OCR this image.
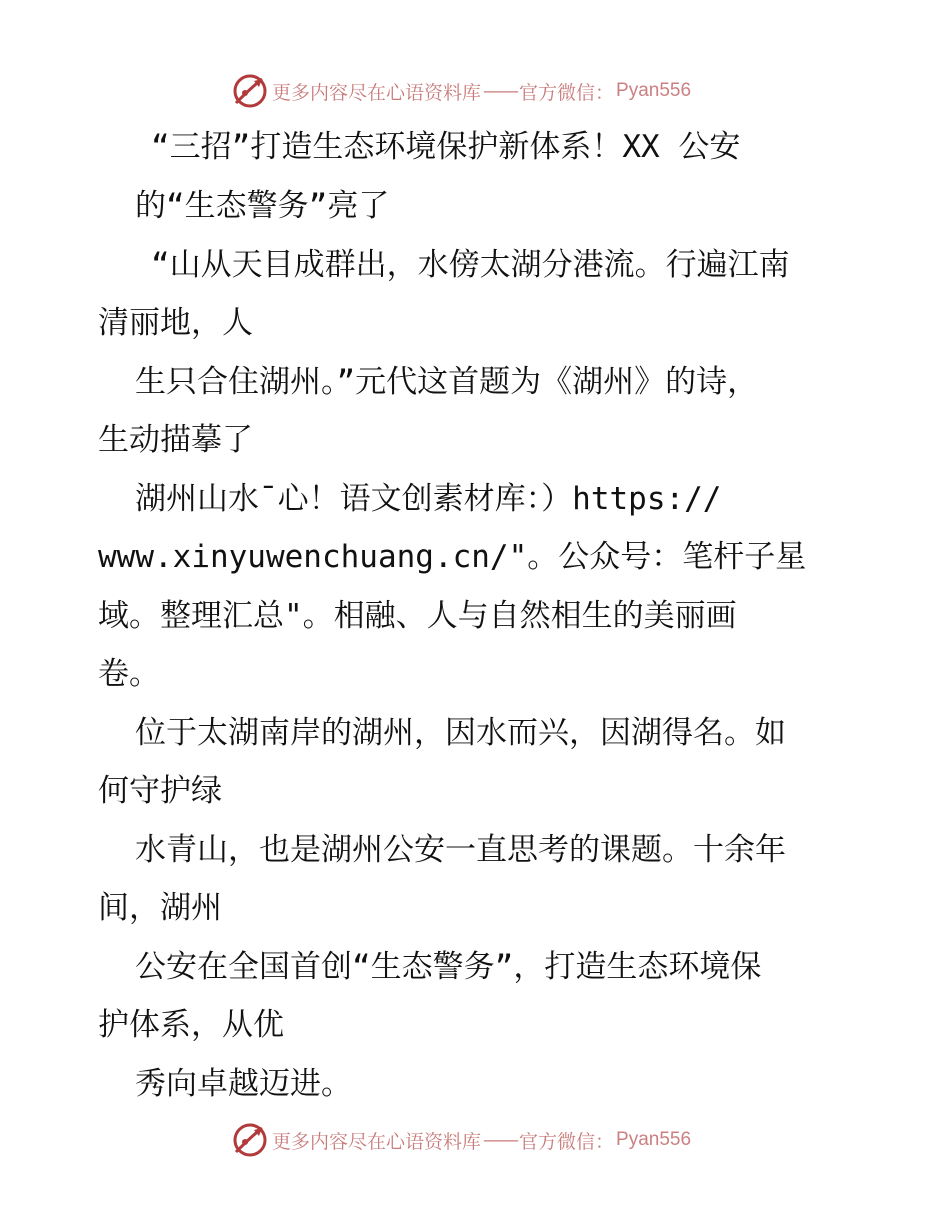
更多内容尽在心语资料库 —— 官方微信： Pyan556
“三招”打造生态环境保护新体系！XX 公安
的“生态警务”亮了
“山从天目成群出，水傍太湖分港流。行遍江南
清丽地，人
生只合住湖州。”元代这首题为《湖州》的诗，
生动描摹了
湖州山水¯心！语文创素材库：）https://
www.xinyuwenchuang.cn/"。公众号：笔杆子星
域。整理汇总"。相融、人与自然相生的美丽画
卷。
位于太湖南岸的湖州，因水而兴，因湖得名。如
何守护绿
水青山，也是湖州公安一直思考的课题。十余年
间，湖州
公安在全国首创“生态警务”，打造生态环境保
护体系，从优
秀向卓越迈进。
更多内容尽在心语资料库 —— 官方微信： Pyan556
